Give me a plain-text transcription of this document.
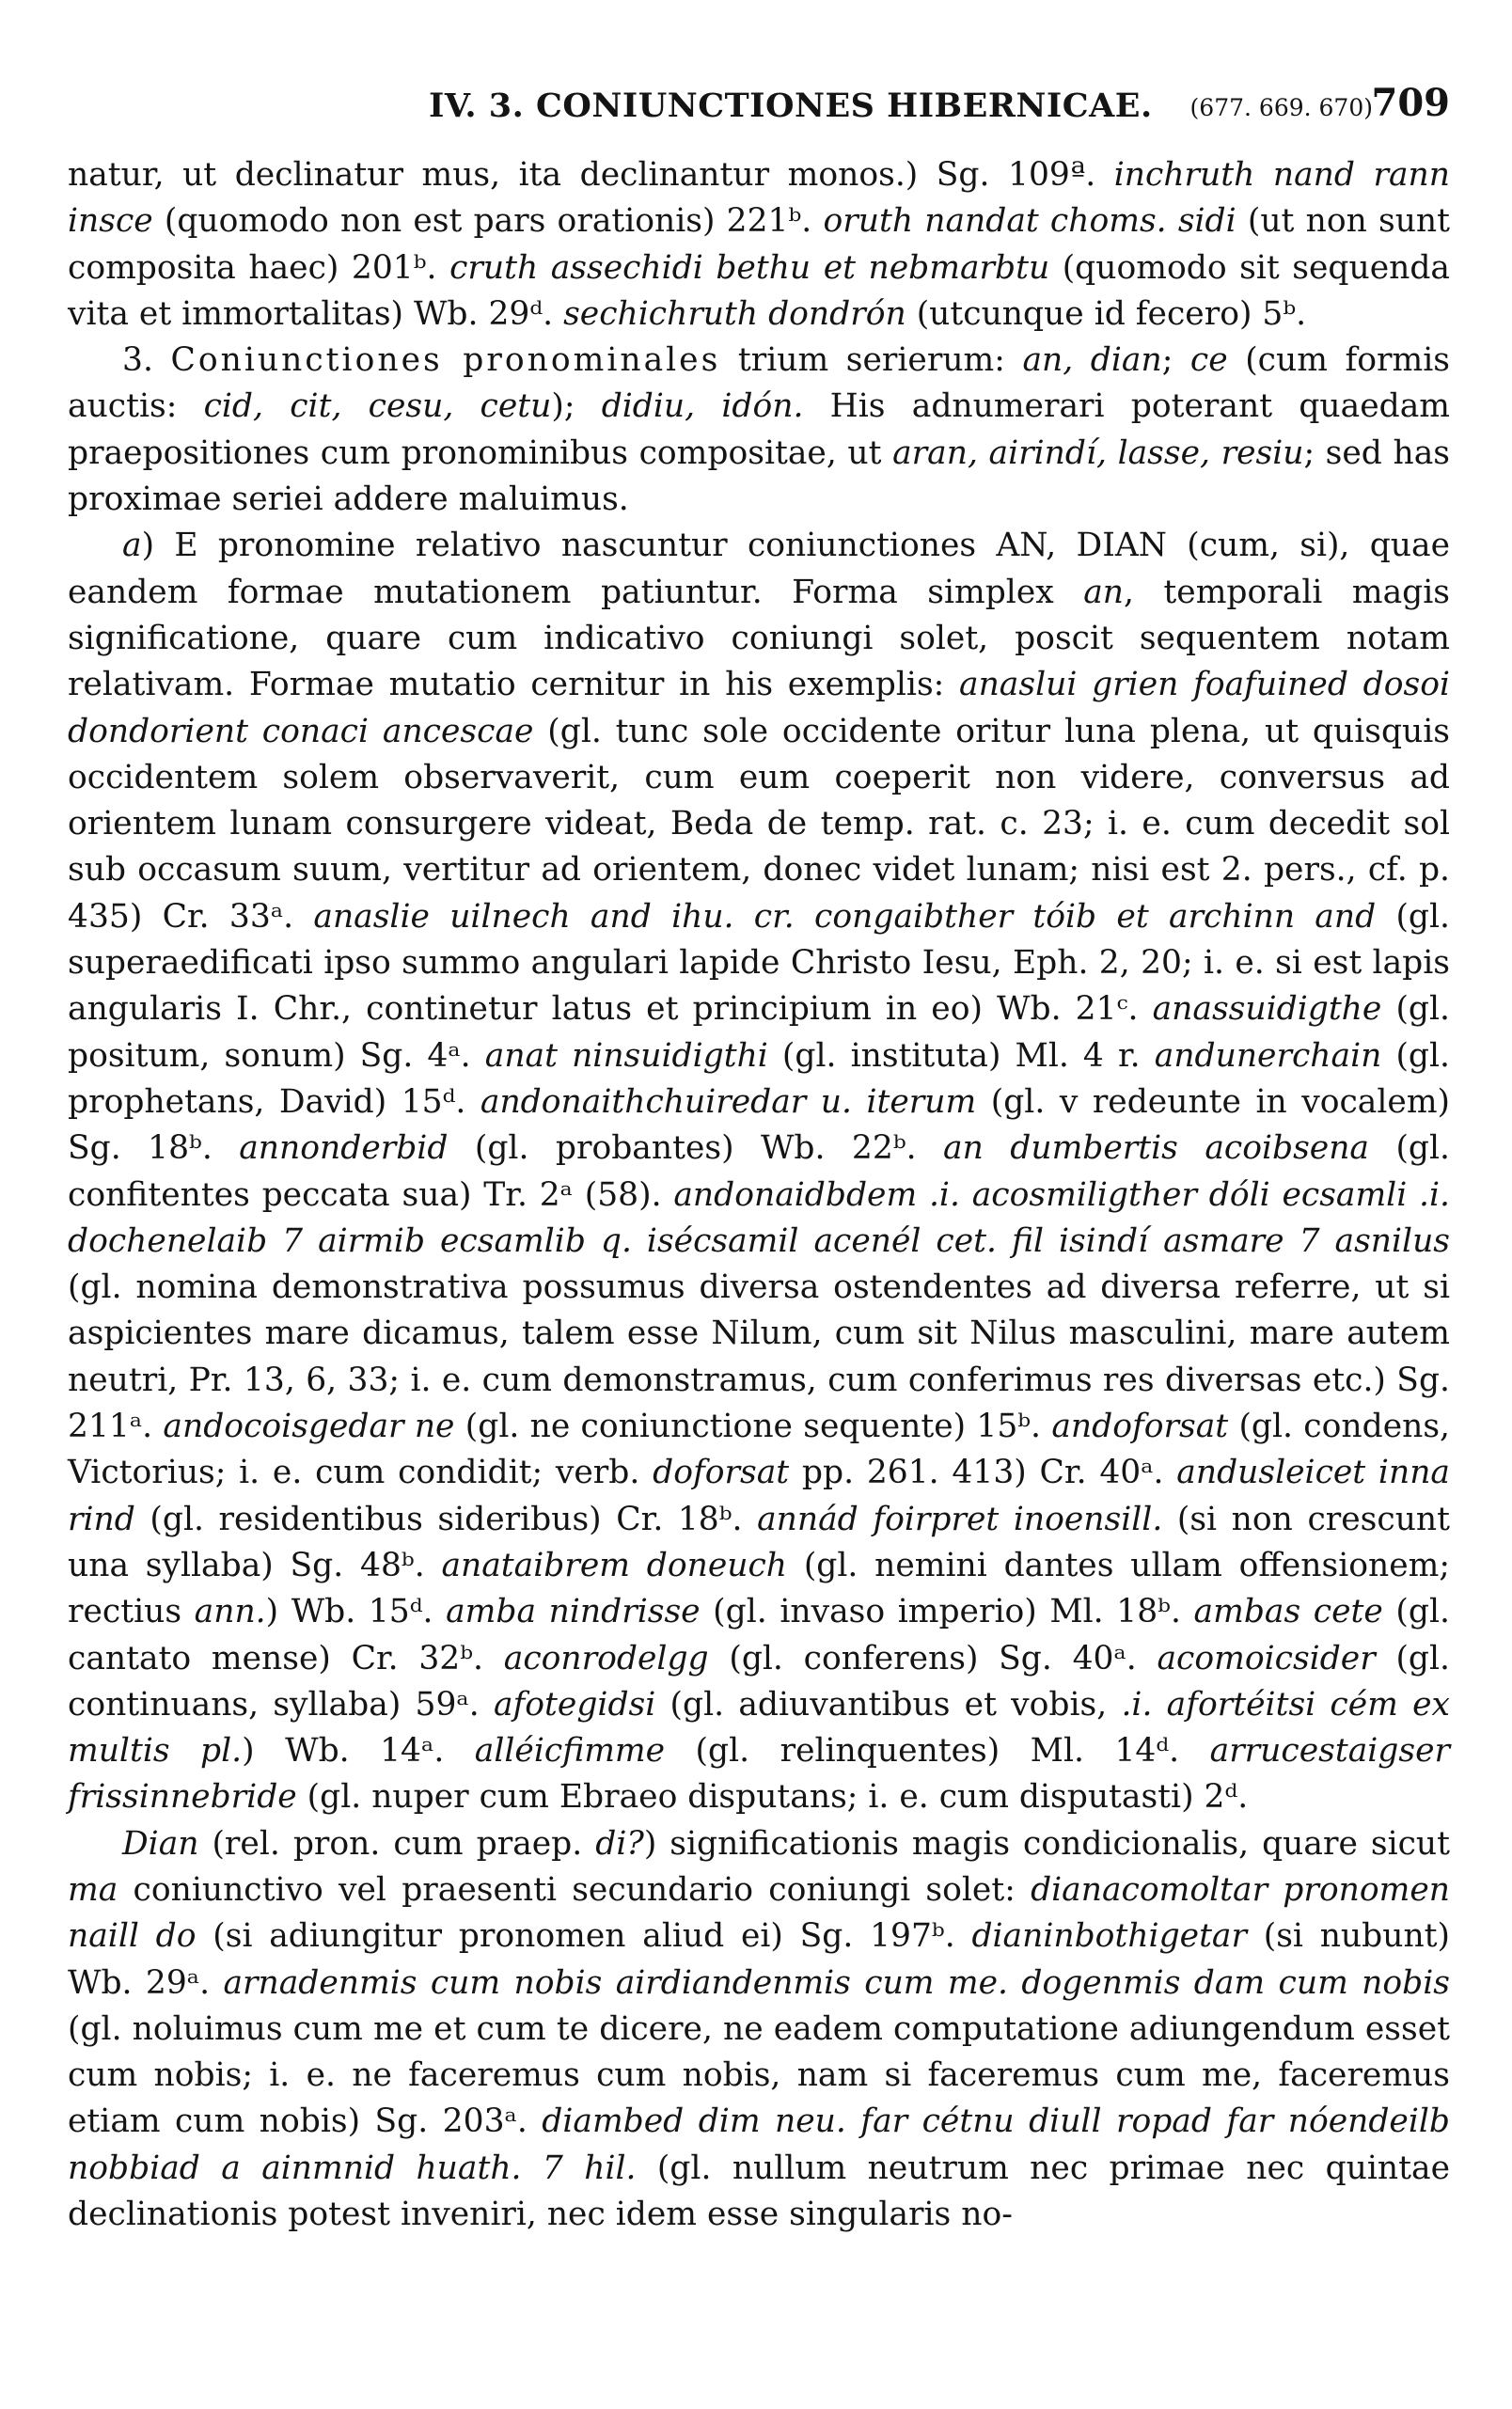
IV. 3. CONIUNCTIONES HIBERNICAE. (677. 669. 670)
709

natur, ut declinatur mus, ita declinantur monos.) Sg. 109ª. inchruth nand rann insce (quomodo non est pars orationis) 221ᵇ. oruth nandat choms. sidi (ut non sunt composita haec) 201ᵇ. cruth assechidi bethu et nebmarbtu (quomodo sit sequenda vita et immortalitas) Wb. 29ᵈ. sechichruth dondrón (utcunque id fecero) 5ᵇ.

3. Coniunctiones pronominales trium serierum: an, dian; ce (cum formis auctis: cid, cit, cesu, cetu); didiu, idón. His adnumerari poterant quaedam praepositiones cum pronominibus compositae, ut aran, airindí, lasse, resiu; sed has proximae seriei addere maluimus.

a) E pronomine relativo nascuntur coniunctiones AN, DIAN (cum, si), quae eandem formae mutationem patiuntur. Forma simplex an, temporali magis significatione, quare cum indicativo coniungi solet, poscit sequentem notam relativam. Formae mutatio cernitur in his exemplis: anaslui grien foafuined dosoi dondorient conaci ancescae (gl. tunc sole occidente oritur luna plena, ut quisquis occidentem solem observaverit, cum eum coeperit non videre, conversus ad orientem lunam consurgere videat, Beda de temp. rat. c. 23; i. e. cum decedit sol sub occasum suum, vertitur ad orientem, donec videt lunam; nisi est 2. pers., cf. p. 435) Cr. 33ᵃ. anaslie uilnech and ihu. cr. congaibther tóib et archinn and (gl. superaedificati ipso summo angulari lapide Christo Iesu, Eph. 2, 20; i. e. si est lapis angularis I. Chr., continetur latus et principium in eo) Wb. 21ᶜ. anassuidigthe (gl. positum, sonum) Sg. 4ᵃ. anat ninsuidigthi (gl. instituta) Ml. 4 r. andunerchain (gl. prophetans, David) 15ᵈ. andonaithchuiredar u. iterum (gl. v redeunte in vocalem) Sg. 18ᵇ. annonderbid (gl. probantes) Wb. 22ᵇ. an dumbertis acoibsena (gl. confitentes peccata sua) Tr. 2ᵃ (58). andonaidbdem .i. acosmiligther dóli ecsamli .i. dochenelaib 7 airmib ecsamlib q. isécsamil acenél cet. fil isindí asmare 7 asnilus (gl. nomina demonstrativa possumus diversa ostendentes ad diversa referre, ut si aspicientes mare dicamus, talem esse Nilum, cum sit Nilus masculini, mare autem neutri, Pr. 13, 6, 33; i. e. cum demonstramus, cum conferimus res diversas etc.) Sg. 211ᵃ. andocoisgedar ne (gl. ne coniunctione sequente) 15ᵇ. andoforsat (gl. condens, Victorius; i. e. cum condidit; verb. doforsat pp. 261. 413) Cr. 40ᵃ. andusleicet inna rind (gl. residentibus sideribus) Cr. 18ᵇ. annád foirpret inoensill. (si non crescunt una syllaba) Sg. 48ᵇ. anataibrem doneuch (gl. nemini dantes ullam offensionem; rectius ann.) Wb. 15ᵈ. amba nindrisse (gl. invaso imperio) Ml. 18ᵇ. ambas cete (gl. cantato mense) Cr. 32ᵇ. aconrodelgg (gl. conferens) Sg. 40ᵃ. acomoicsider (gl. continuans, syllaba) 59ᵃ. afotegidsi (gl. adiuvantibus et vobis, .i. afortéitsi cém ex multis pl.) Wb. 14ᵃ. alléicfimme (gl. relinquentes) Ml. 14ᵈ. arrucestaigser frissinnebride (gl. nuper cum Ebraeo disputans; i. e. cum disputasti) 2ᵈ.

Dian (rel. pron. cum praep. di?) significationis magis condicionalis, quare sicut ma coniunctivo vel praesenti secundario coniungi solet: dianacomoltar pronomen naill do (si adiungitur pronomen aliud ei) Sg. 197ᵇ. dianinbothigetar (si nubunt) Wb. 29ᵃ. arnadenmis cum nobis airdiandenmis cum me. dogenmis dam cum nobis (gl. noluimus cum me et cum te dicere, ne eadem computatione adiungendum esset cum nobis; i. e. ne faceremus cum nobis, nam si faceremus cum me, faceremus etiam cum nobis) Sg. 203ᵃ. diambed dim neu. far cétnu diull ropad far nóendeilb nobbiad a ainmnid huath. 7 hil. (gl. nullum neutrum nec primae nec quintae declinationis potest inveniri, nec idem esse singularis no-
